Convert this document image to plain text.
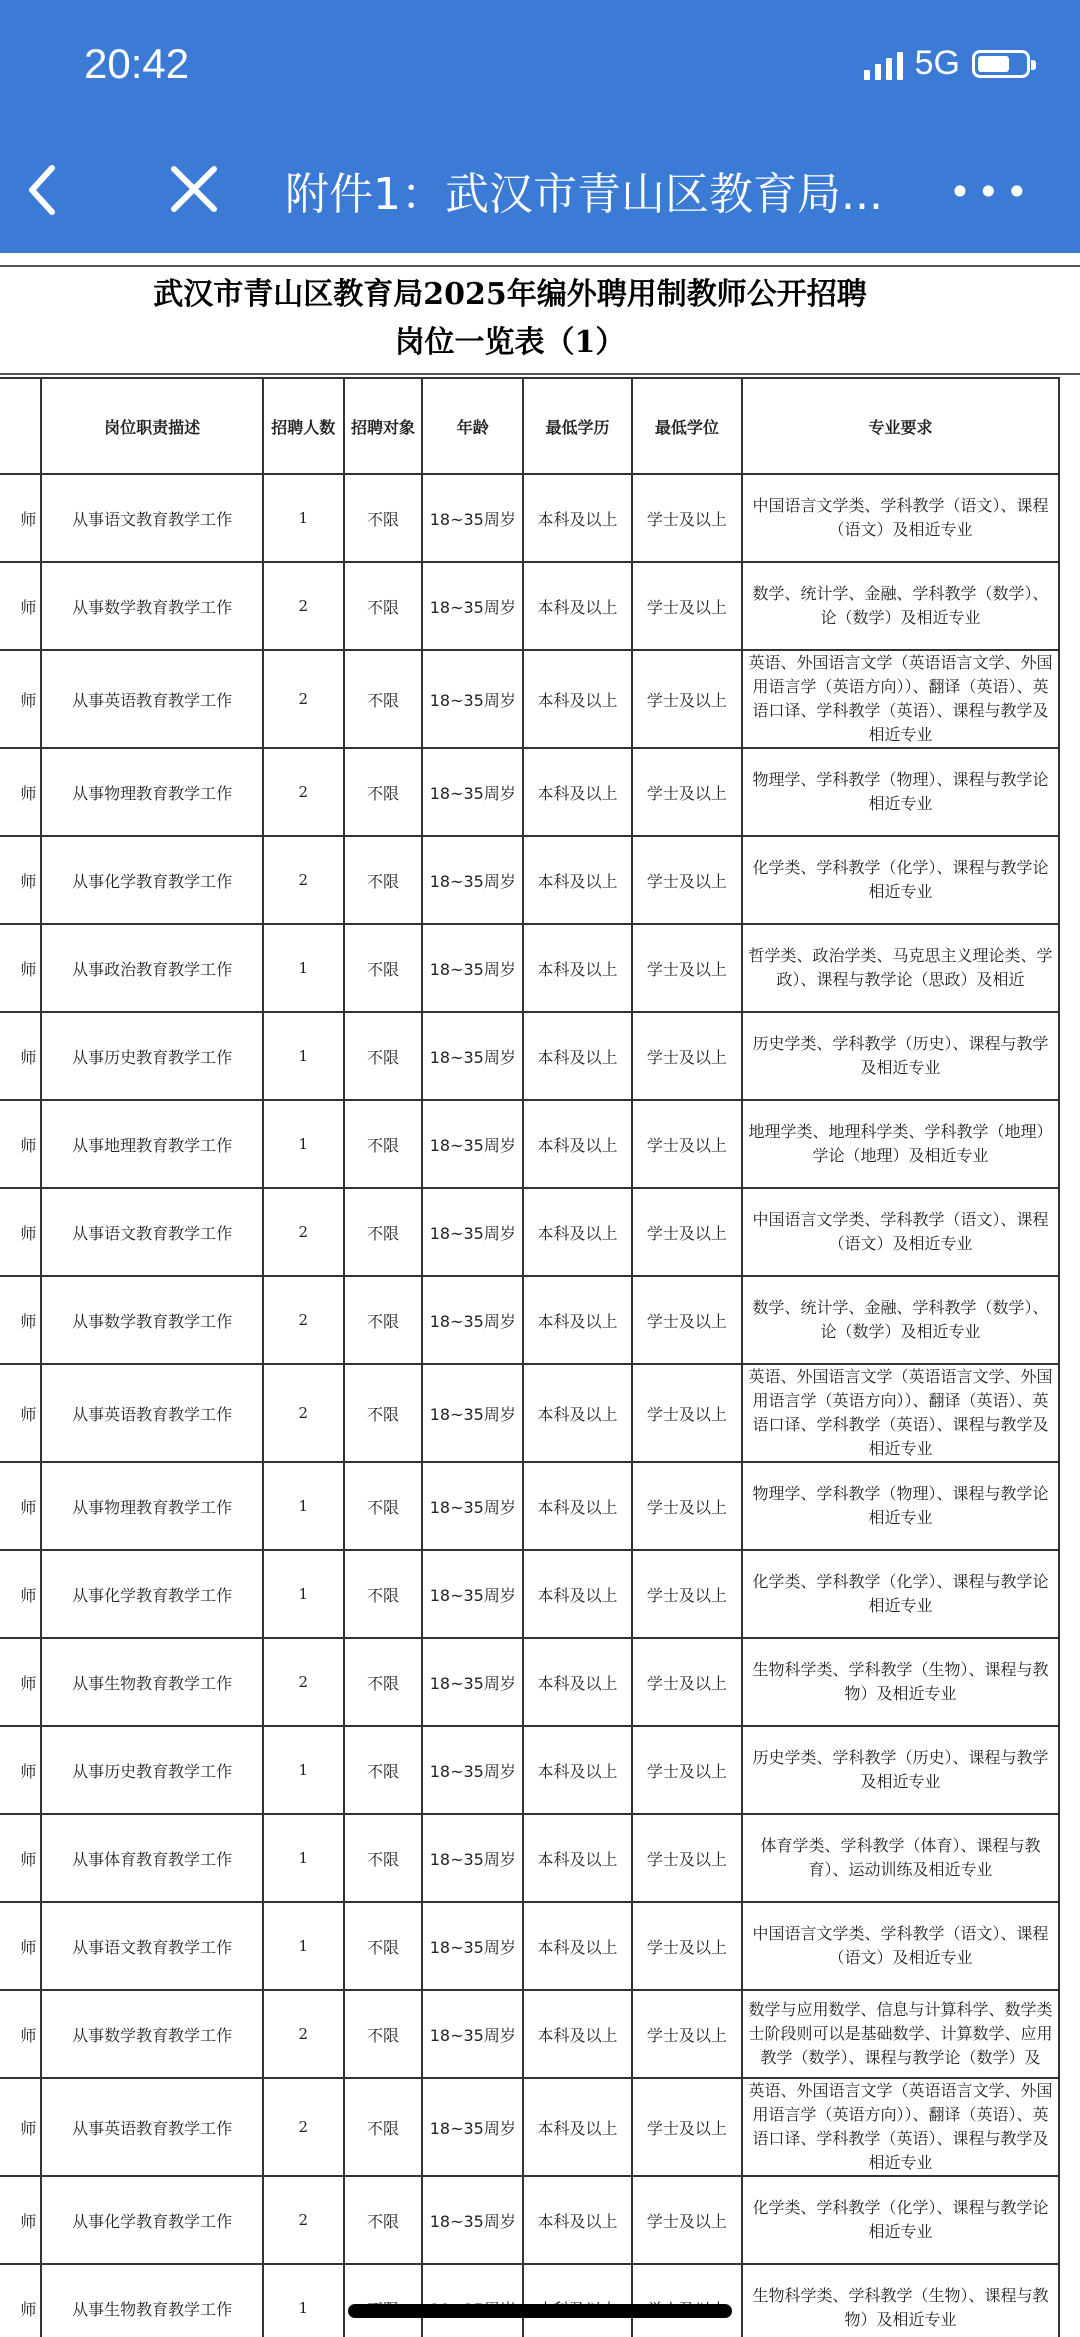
20:42	5G
附件1：武汉市青山区教育局...	•••
武汉市青山区教育局2025年编外聘用制教师公开招聘
岗位一览表（1）
	岗位职责描述	招聘人数	招聘对象	年龄	最低学历	最低学位	专业要求
师	从事语文教育教学工作	1	不限	18~35周岁	本科及以上	学士及以上	中国语言文学类、学科教学（语文）、课程（语文）及相近专业
师	从事数学教育教学工作	2	不限	18~35周岁	本科及以上	学士及以上	数学、统计学、金融、学科教学（数学）、论（数学）及相近专业
师	从事英语教育教学工作	2	不限	18~35周岁	本科及以上	学士及以上	英语、外国语言文学（英语语言文学、外国用语言学（英语方向））、翻译（英语）、英语口译、学科教学（英语）、课程与教学及相近专业
师	从事物理教育教学工作	2	不限	18~35周岁	本科及以上	学士及以上	物理学、学科教学（物理）、课程与教学论相近专业
师	从事化学教育教学工作	2	不限	18~35周岁	本科及以上	学士及以上	化学类、学科教学（化学）、课程与教学论相近专业
师	从事政治教育教学工作	1	不限	18~35周岁	本科及以上	学士及以上	哲学类、政治学类、马克思主义理论类、学政）、课程与教学论（思政）及相近
师	从事历史教育教学工作	1	不限	18~35周岁	本科及以上	学士及以上	历史学类、学科教学（历史）、课程与教学及相近专业
师	从事地理教育教学工作	1	不限	18~35周岁	本科及以上	学士及以上	地理学类、地理科学类、学科教学（地理）学论（地理）及相近专业
师	从事语文教育教学工作	2	不限	18~35周岁	本科及以上	学士及以上	中国语言文学类、学科教学（语文）、课程（语文）及相近专业
师	从事数学教育教学工作	2	不限	18~35周岁	本科及以上	学士及以上	数学、统计学、金融、学科教学（数学）、论（数学）及相近专业
师	从事英语教育教学工作	2	不限	18~35周岁	本科及以上	学士及以上	英语、外国语言文学（英语语言文学、外国用语言学（英语方向））、翻译（英语）、英语口译、学科教学（英语）、课程与教学及相近专业
师	从事物理教育教学工作	1	不限	18~35周岁	本科及以上	学士及以上	物理学、学科教学（物理）、课程与教学论相近专业
师	从事化学教育教学工作	1	不限	18~35周岁	本科及以上	学士及以上	化学类、学科教学（化学）、课程与教学论相近专业
师	从事生物教育教学工作	2	不限	18~35周岁	本科及以上	学士及以上	生物科学类、学科教学（生物）、课程与教物）及相近专业
师	从事历史教育教学工作	1	不限	18~35周岁	本科及以上	学士及以上	历史学类、学科教学（历史）、课程与教学及相近专业
师	从事体育教育教学工作	1	不限	18~35周岁	本科及以上	学士及以上	体育学类、学科教学（体育）、课程与教育）、运动训练及相近专业
师	从事语文教育教学工作	1	不限	18~35周岁	本科及以上	学士及以上	中国语言文学类、学科教学（语文）、课程（语文）及相近专业
师	从事数学教育教学工作	2	不限	18~35周岁	本科及以上	学士及以上	数学与应用数学、信息与计算科学、数学类士阶段则可以是基础数学、计算数学、应用教学（数学）、课程与教学论（数学）及
师	从事英语教育教学工作	2	不限	18~35周岁	本科及以上	学士及以上	英语、外国语言文学（英语语言文学、外国用语言学（英语方向））、翻译（英语）、英语口译、学科教学（英语）、课程与教学及相近专业
师	从事化学教育教学工作	2	不限	18~35周岁	本科及以上	学士及以上	化学类、学科教学（化学）、课程与教学论相近专业
师	从事生物教育教学工作	1					生物科学类、学科教学（生物）、课程与教物）及相近专业
